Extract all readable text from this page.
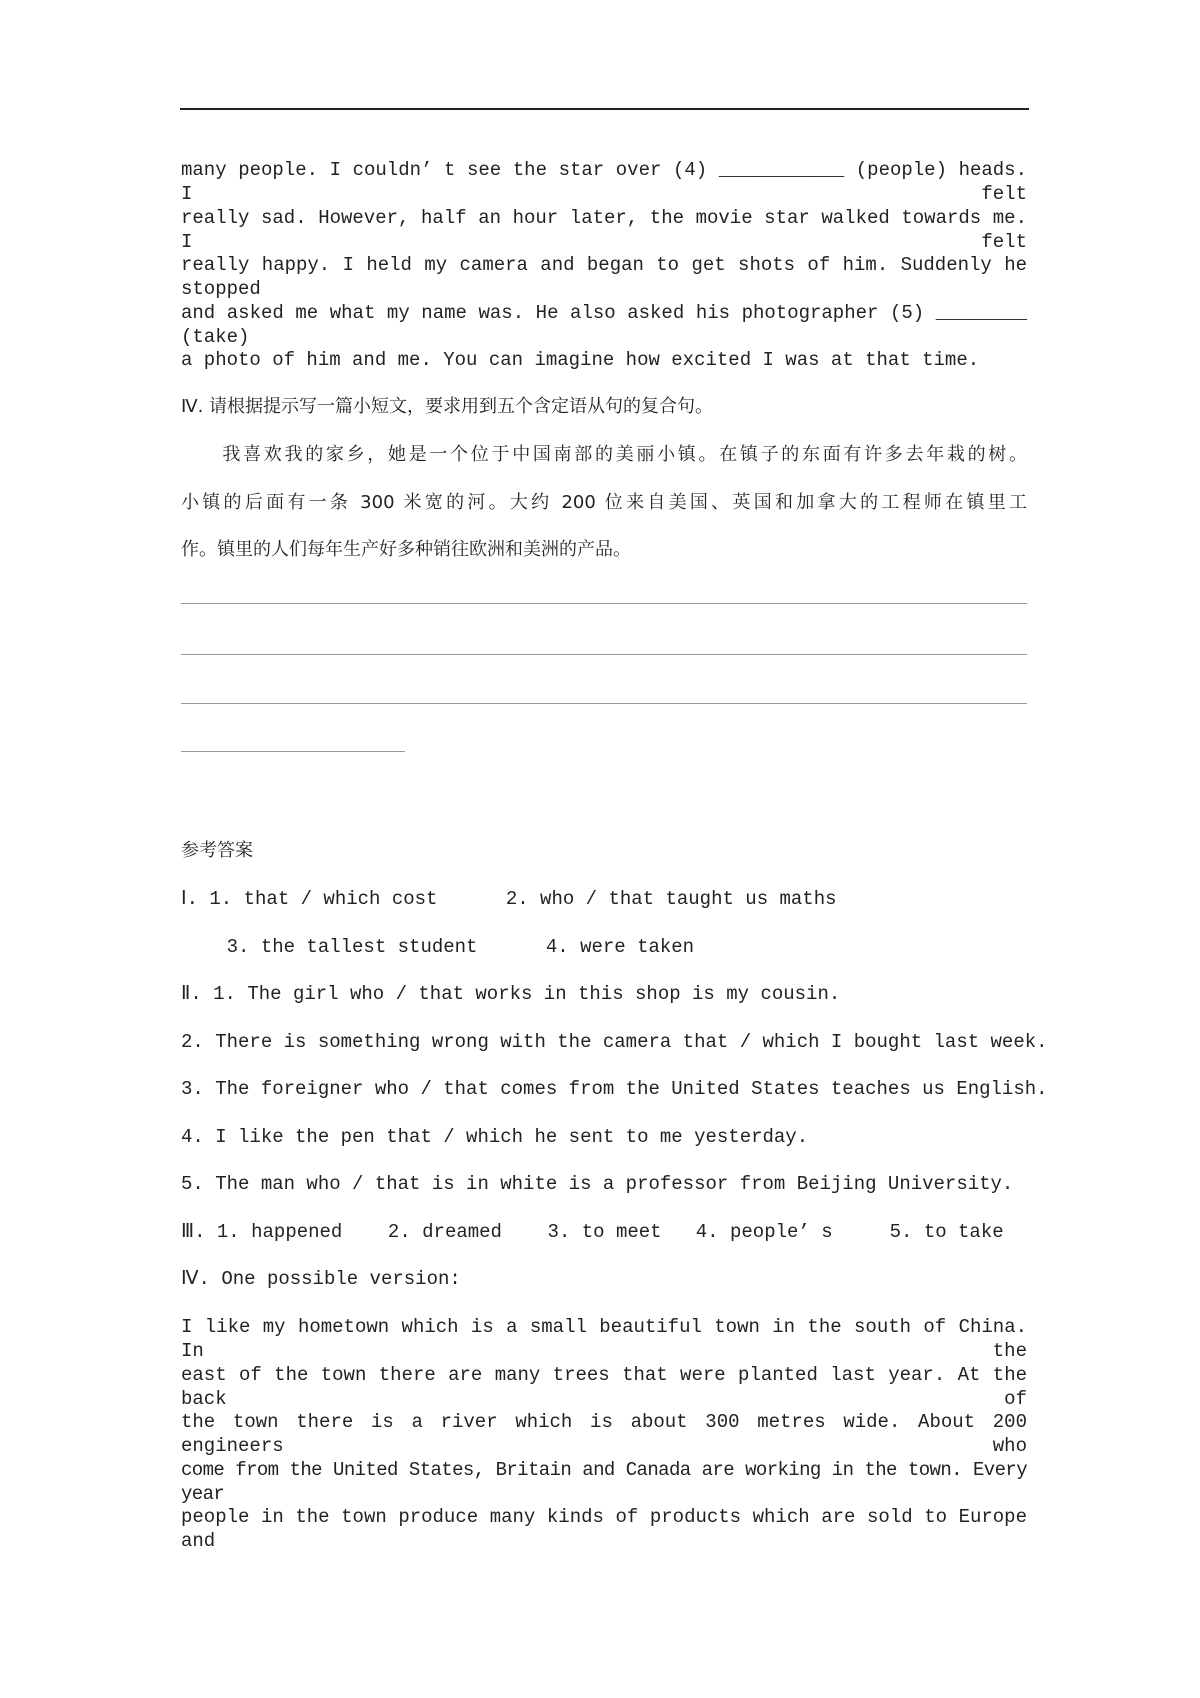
many people. I couldn’ t see the star over (4) ___________ (people) heads. I felt
really sad. However, half an hour later, the movie star walked towards me. I felt
really happy. I held my camera and began to get shots of him. Suddenly he stopped
and asked me what my name was. He also asked his photographer (5) ________ (take)
a photo of him and me. You can imagine how excited I was at that time.
Ⅳ. 请根据提示写一篇小短文，要求用到五个含定语从句的复合句。
　　我喜欢我的家乡，她是一个位于中国南部的美丽小镇。在镇子的东面有许多去年栽的树。
小镇的后面有一条 300 米宽的河。大约 200 位来自美国、英国和加拿大的工程师在镇里工
作。镇里的人们每年生产好多种销往欧洲和美洲的产品。
参考答案
Ⅰ. 1. that / which cost      2. who / that taught us maths
3. the tallest student      4. were taken
Ⅱ. 1. The girl who / that works in this shop is my cousin.
2. There is something wrong with the camera that / which I bought last week.
3. The foreigner who / that comes from the United States teaches us English.
4. I like the pen that / which he sent to me yesterday.
5. The man who / that is in white is a professor from Beijing University.
Ⅲ. 1. happened    2. dreamed    3. to meet   4. people’ s     5. to take
Ⅳ. One possible version:
I like my hometown which is a small beautiful town in the south of China. In the
east of the town there are many trees that were planted last year. At the back of
the town there is a river which is about 300 metres wide. About 200 engineers who
come from the United States, Britain and Canada are working in the town. Every year
people in the town produce many kinds of products which are sold to Europe and
